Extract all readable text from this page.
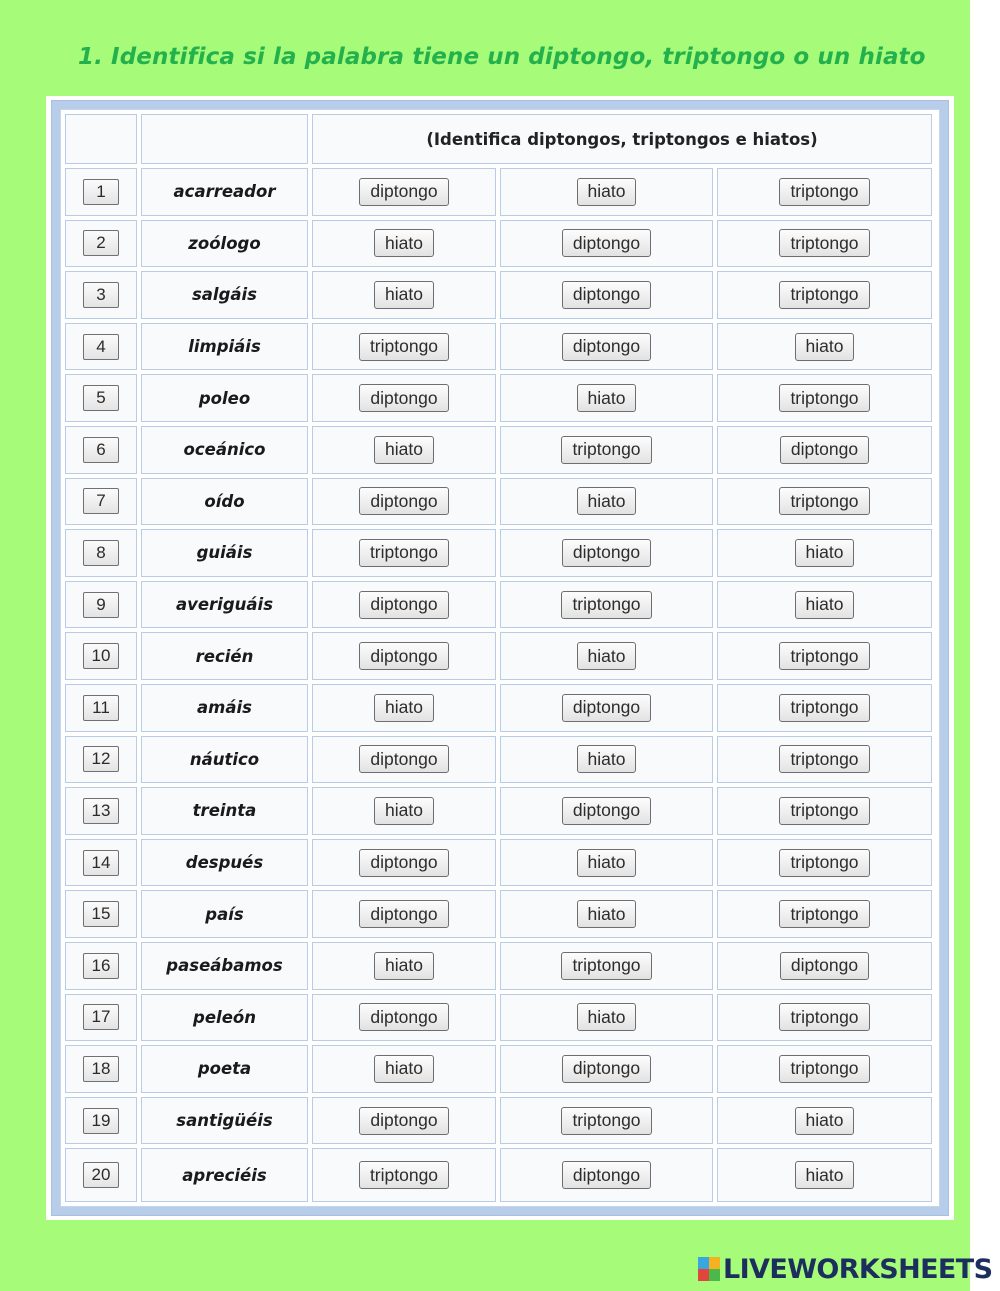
1. Identifica si la palabra tiene un diptongo, triptongo o un hiato
(Identifica diptongos, triptongos e hiatos)
1	acarreador	diptongo	hiato	triptongo
2	zoólogo	hiato	diptongo	triptongo
3	salgáis	hiato	diptongo	triptongo
4	limpiáis	triptongo	diptongo	hiato
5	poleo	diptongo	hiato	triptongo
6	oceánico	hiato	triptongo	diptongo
7	oído	diptongo	hiato	triptongo
8	guiáis	triptongo	diptongo	hiato
9	averiguáis	diptongo	triptongo	hiato
10	recién	diptongo	hiato	triptongo
11	amáis	hiato	diptongo	triptongo
12	náutico	diptongo	hiato	triptongo
13	treinta	hiato	diptongo	triptongo
14	después	diptongo	hiato	triptongo
15	país	diptongo	hiato	triptongo
16	paseábamos	hiato	triptongo	diptongo
17	peleón	diptongo	hiato	triptongo
18	poeta	hiato	diptongo	triptongo
19	santigüéis	diptongo	triptongo	hiato
20	apreciéis	triptongo	diptongo	hiato
LIVEWORKSHEETS
